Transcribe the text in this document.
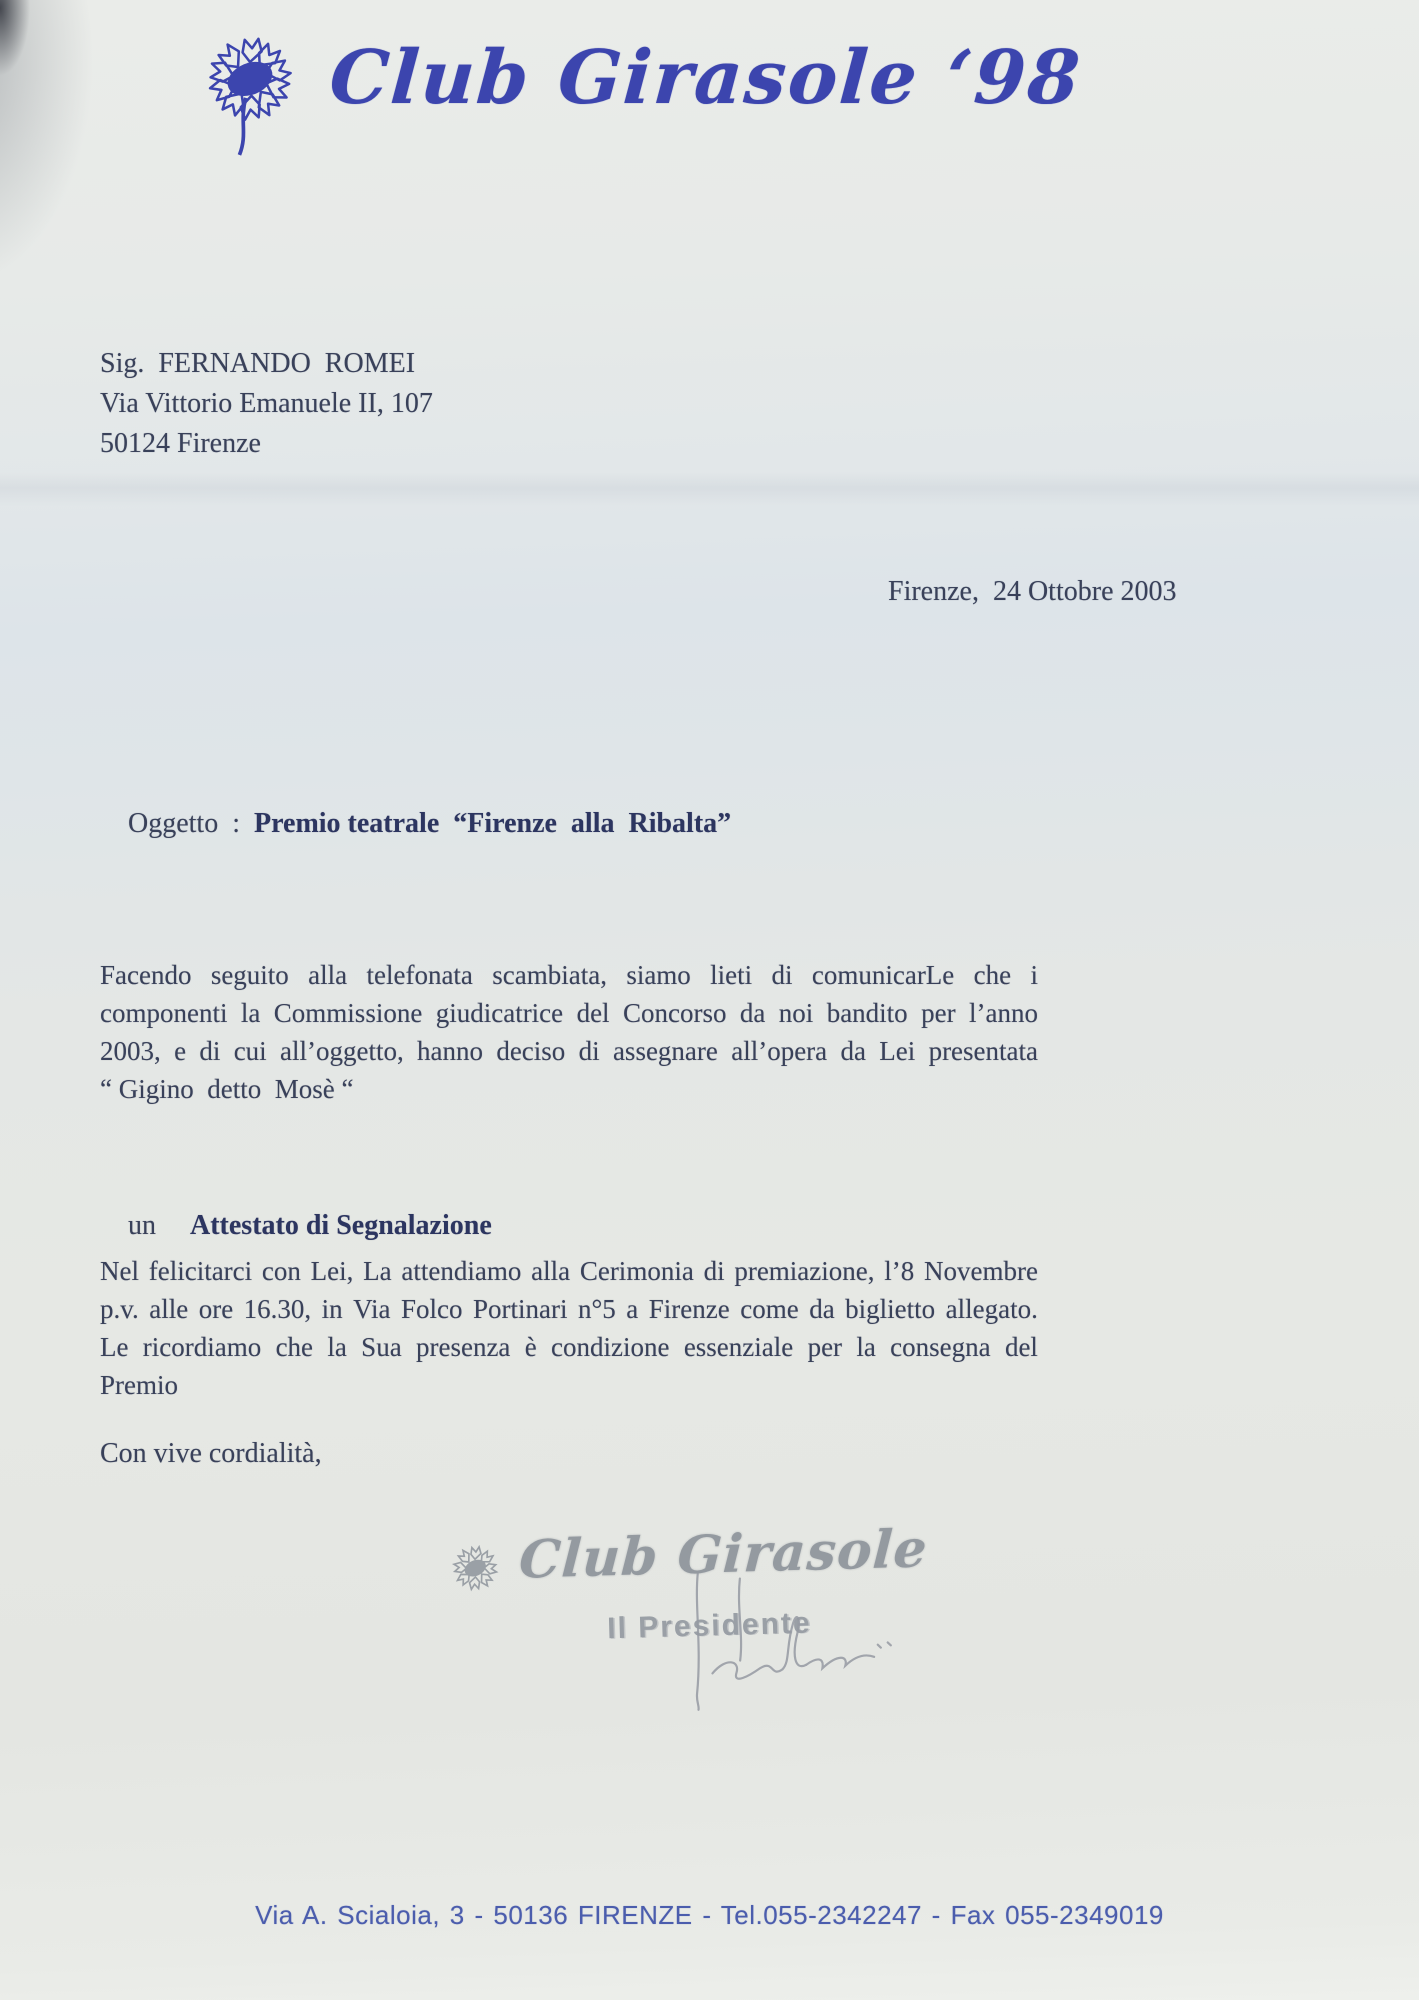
Club Girasole ‘98
Sig.  FERNANDO  ROMEI
Via Vittorio Emanuele II, 107
50124 Firenze
Firenze,  24 Ottobre 2003

Oggetto  : Premio teatrale  “Firenze  alla  Ribalta”

Facendo seguito alla telefonata scambiata, siamo lieti di comunicarLe che i
componenti la Commissione giudicatrice del Concorso da noi bandito per l’anno
2003, e di cui all’oggetto, hanno deciso di assegnare all’opera da Lei presentata
“ Gigino  detto  Mosè “

un Attestato di Segnalazione

Nel felicitarci con Lei, La attendiamo alla Cerimonia di premiazione, l’8 Novembre
p.v. alle ore 16.30, in Via Folco Portinari n°5 a Firenze come da biglietto allegato.
Le ricordiamo che la Sua presenza è condizione essenziale per la consegna del
Premio
Con vive cordialità,
Club Girasole
Il Presidente
Via A. Scialoia, 3 - 50136 FIRENZE - Tel.055-2342247 - Fax 055-2349019
